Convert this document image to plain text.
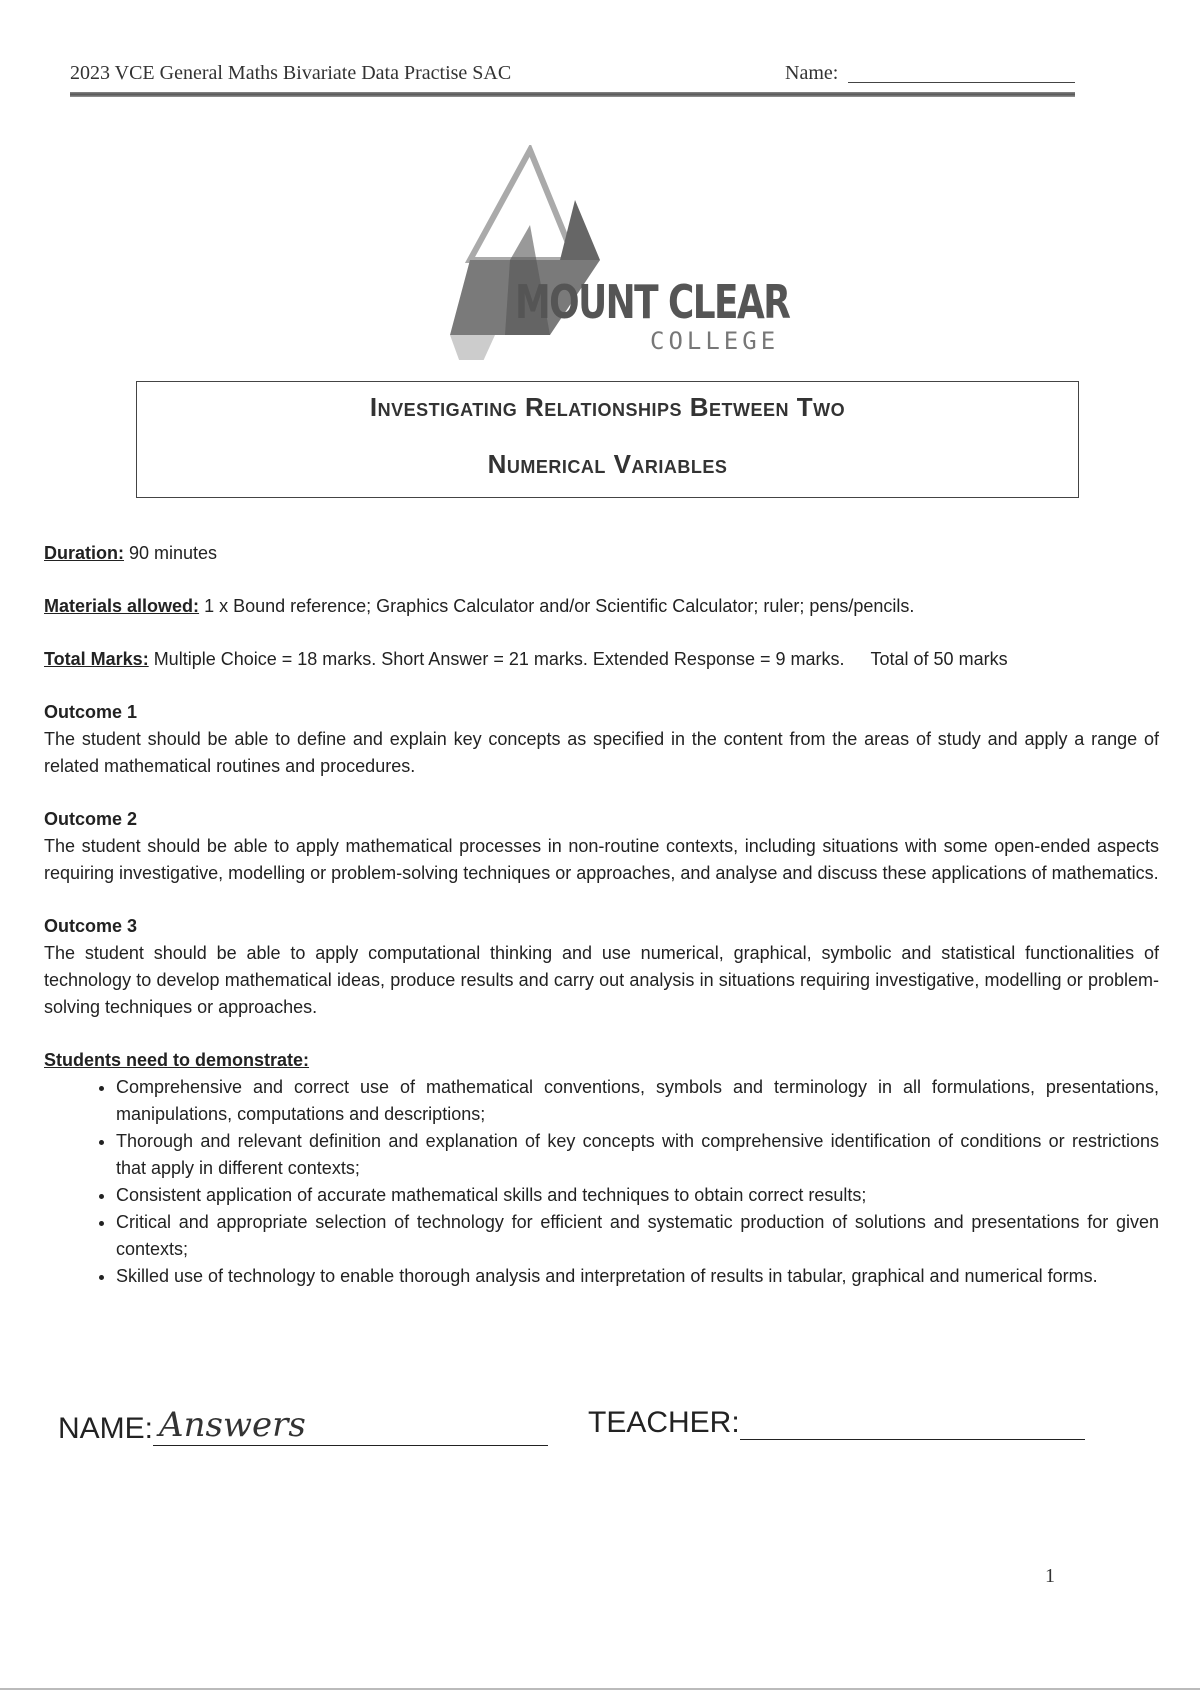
2023 VCE General Maths Bivariate Data Practise SAC	Name:
MOUNT CLEAR
COLLEGE
Investigating Relationships Between Two
Numerical Variables

Duration: 90 minutes

Materials allowed: 1 x Bound reference; Graphics Calculator and/or Scientific Calculator; ruler; pens/pencils.

Total Marks: Multiple Choice = 18 marks. Short Answer = 21 marks. Extended Response = 9 marks. Total of 50 marks

Outcome 1
The student should be able to define and explain key concepts as specified in the content from the areas of study and apply a range of related mathematical routines and procedures.

Outcome 2
The student should be able to apply mathematical processes in non-routine contexts, including situations with some open-ended aspects requiring investigative, modelling or problem-solving techniques or approaches, and analyse and discuss these applications of mathematics.

Outcome 3
The student should be able to apply computational thinking and use numerical, graphical, symbolic and statistical functionalities of technology to develop mathematical ideas, produce results and carry out analysis in situations requiring investigative, modelling or problem-solving techniques or approaches.

Students need to demonstrate:
• Comprehensive and correct use of mathematical conventions, symbols and terminology in all formulations, presentations, manipulations, computations and descriptions;
• Thorough and relevant definition and explanation of key concepts with comprehensive identification of conditions or restrictions that apply in different contexts;
• Consistent application of accurate mathematical skills and techniques to obtain correct results;
• Critical and appropriate selection of technology for efficient and systematic production of solutions and presentations for given contexts;
• Skilled use of technology to enable thorough analysis and interpretation of results in tabular, graphical and numerical forms.
NAME: Answers	TEACHER:
1
